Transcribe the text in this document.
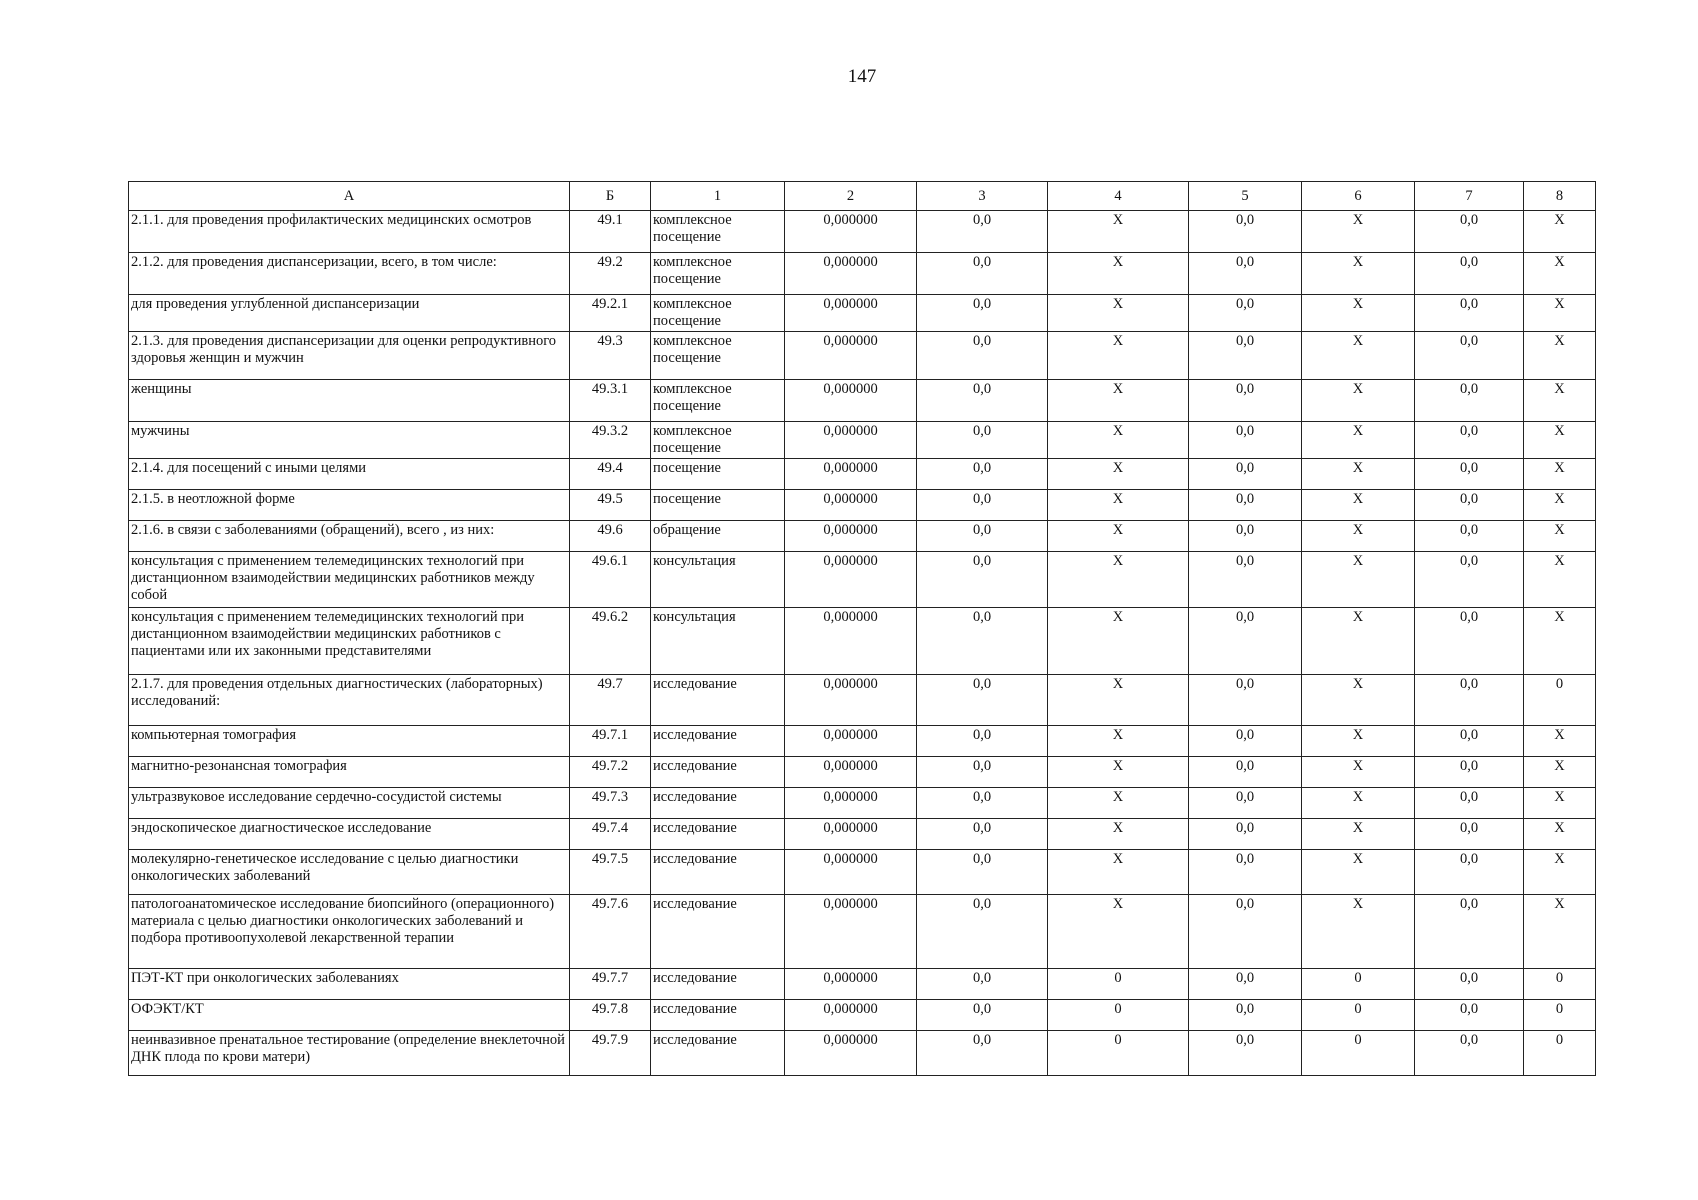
147
А	Б	1	2	3	4	5	6	7	8
2.1.1. для проведения профилактических медицинских осмотров	49.1	комплексное посещение	0,000000	0,0	X	0,0	X	0,0	X
2.1.2. для проведения диспансеризации, всего, в том числе:	49.2	комплексное посещение	0,000000	0,0	X	0,0	X	0,0	X
для проведения углубленной диспансеризации	49.2.1	комплексное посещение	0,000000	0,0	X	0,0	X	0,0	X
2.1.3. для проведения диспансеризации для оценки репродуктивного здоровья женщин и мужчин	49.3	комплексное посещение	0,000000	0,0	X	0,0	X	0,0	X
женщины	49.3.1	комплексное посещение	0,000000	0,0	X	0,0	X	0,0	X
мужчины	49.3.2	комплексное посещение	0,000000	0,0	X	0,0	X	0,0	X
2.1.4. для посещений с иными целями	49.4	посещение	0,000000	0,0	X	0,0	X	0,0	X
2.1.5. в неотложной форме	49.5	посещение	0,000000	0,0	X	0,0	X	0,0	X
2.1.6. в связи с заболеваниями (обращений), всего , из них:	49.6	обращение	0,000000	0,0	X	0,0	X	0,0	X
консультация с применением телемедицинских технологий при дистанционном взаимодействии медицинских работников между собой	49.6.1	консультация	0,000000	0,0	X	0,0	X	0,0	X
консультация с применением телемедицинских технологий при дистанционном взаимодействии медицинских работников с пациентами или их законными представителями	49.6.2	консультация	0,000000	0,0	X	0,0	X	0,0	X
2.1.7. для проведения отдельных диагностических (лабораторных) исследований:	49.7	исследование	0,000000	0,0	X	0,0	X	0,0	0
компьютерная томография	49.7.1	исследование	0,000000	0,0	X	0,0	X	0,0	X
магнитно-резонансная томография	49.7.2	исследование	0,000000	0,0	X	0,0	X	0,0	X
ультразвуковое исследование сердечно-сосудистой системы	49.7.3	исследование	0,000000	0,0	X	0,0	X	0,0	X
эндоскопическое диагностическое исследование	49.7.4	исследование	0,000000	0,0	X	0,0	X	0,0	X
молекулярно-генетическое исследование с целью диагностики онкологических заболеваний	49.7.5	исследование	0,000000	0,0	X	0,0	X	0,0	X
патологоанатомическое исследование биопсийного (операционного) материала с целью диагностики онкологических заболеваний и подбора противоопухолевой лекарственной терапии	49.7.6	исследование	0,000000	0,0	X	0,0	X	0,0	X
ПЭТ-КТ при онкологических заболеваниях	49.7.7	исследование	0,000000	0,0	0	0,0	0	0,0	0
ОФЭКТ/КТ	49.7.8	исследование	0,000000	0,0	0	0,0	0	0,0	0
неинвазивное пренатальное тестирование (определение внеклеточной ДНК плода по крови матери)	49.7.9	исследование	0,000000	0,0	0	0,0	0	0,0	0
